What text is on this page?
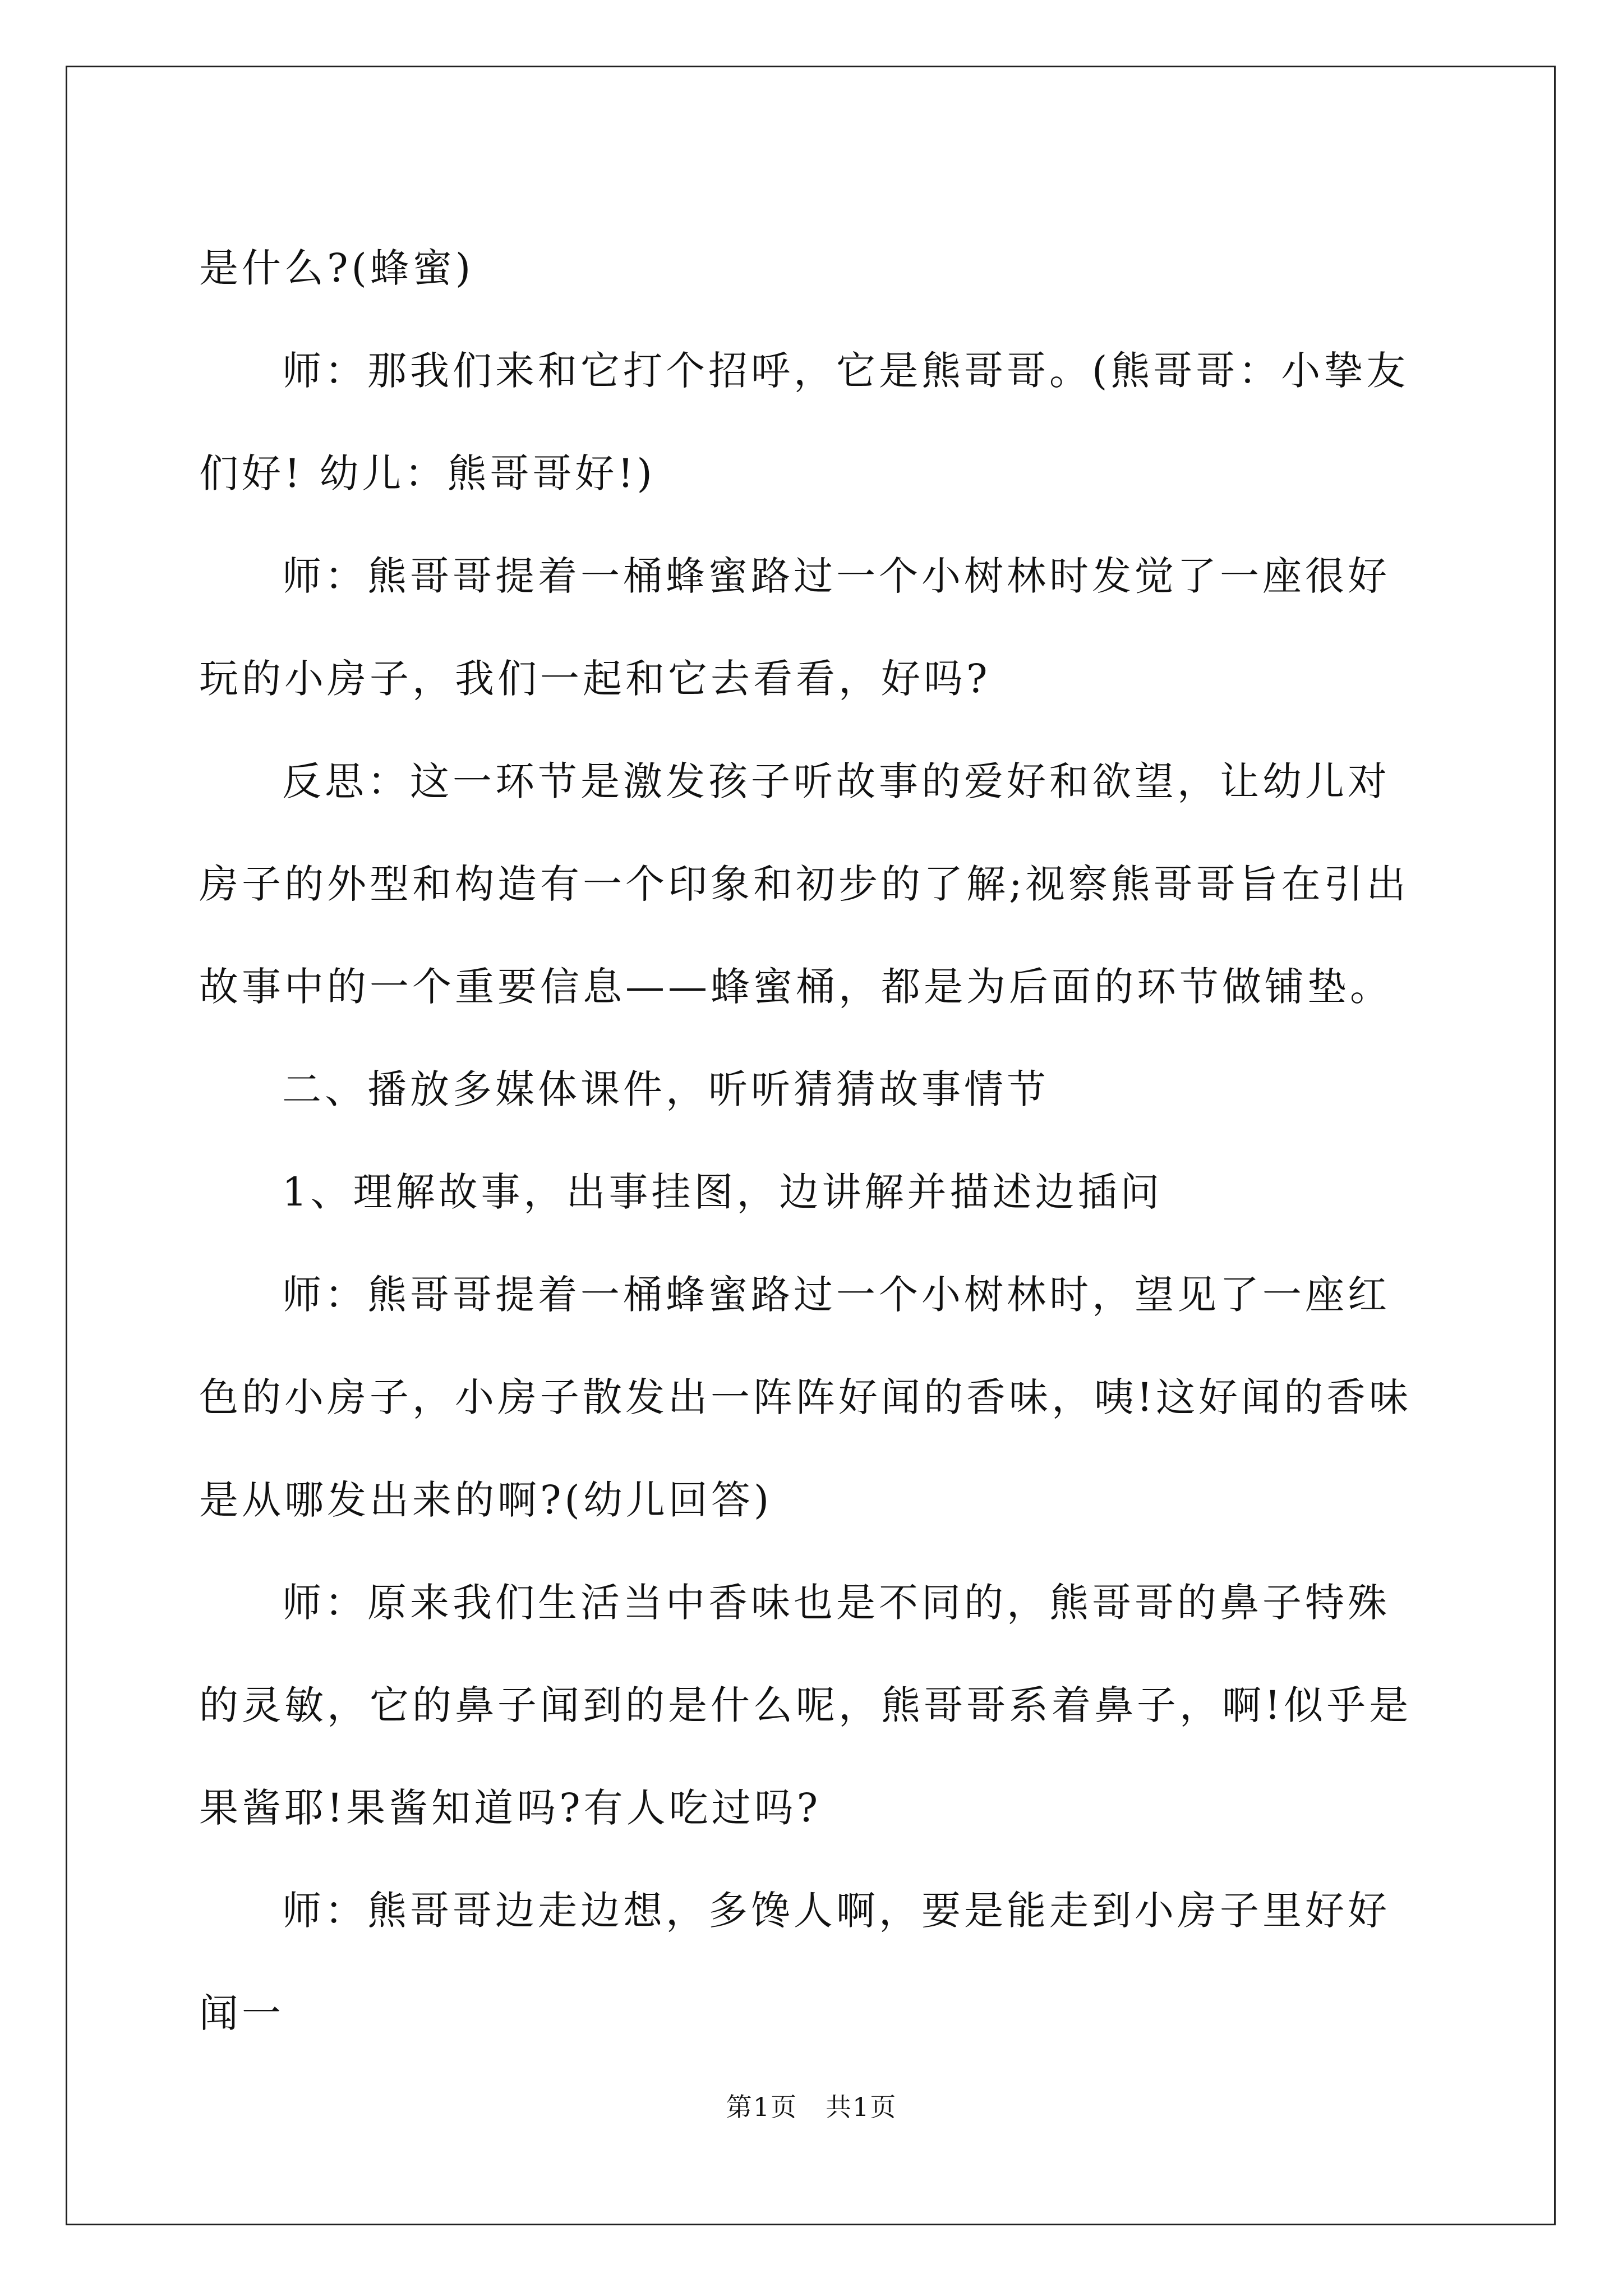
是什么?(蜂蜜)

师：那我们来和它打个招呼，它是熊哥哥。(熊哥哥：小挚友们好! 幼儿：熊哥哥好!)

师：熊哥哥提着一桶蜂蜜路过一个小树林时发觉了一座很好玩的小房子，我们一起和它去看看，好吗?

反思：这一环节是激发孩子听故事的爱好和欲望，让幼儿对房子的外型和构造有一个印象和初步的了解;视察熊哥哥旨在引出故事中的一个重要信息——蜂蜜桶，都是为后面的环节做铺垫。

二、播放多媒体课件，听听猜猜故事情节

1、理解故事，出事挂图，边讲解并描述边插问

师：熊哥哥提着一桶蜂蜜路过一个小树林时，望见了一座红色的小房子，小房子散发出一阵阵好闻的香味，咦!这好闻的香味是从哪发出来的啊?(幼儿回答)

师：原来我们生活当中香味也是不同的，熊哥哥的鼻子特殊的灵敏，它的鼻子闻到的是什么呢，熊哥哥系着鼻子，啊!似乎是果酱耶!果酱知道吗?有人吃过吗?

师：熊哥哥边走边想，多馋人啊，要是能走到小房子里好好闻一

第1页 共1页
